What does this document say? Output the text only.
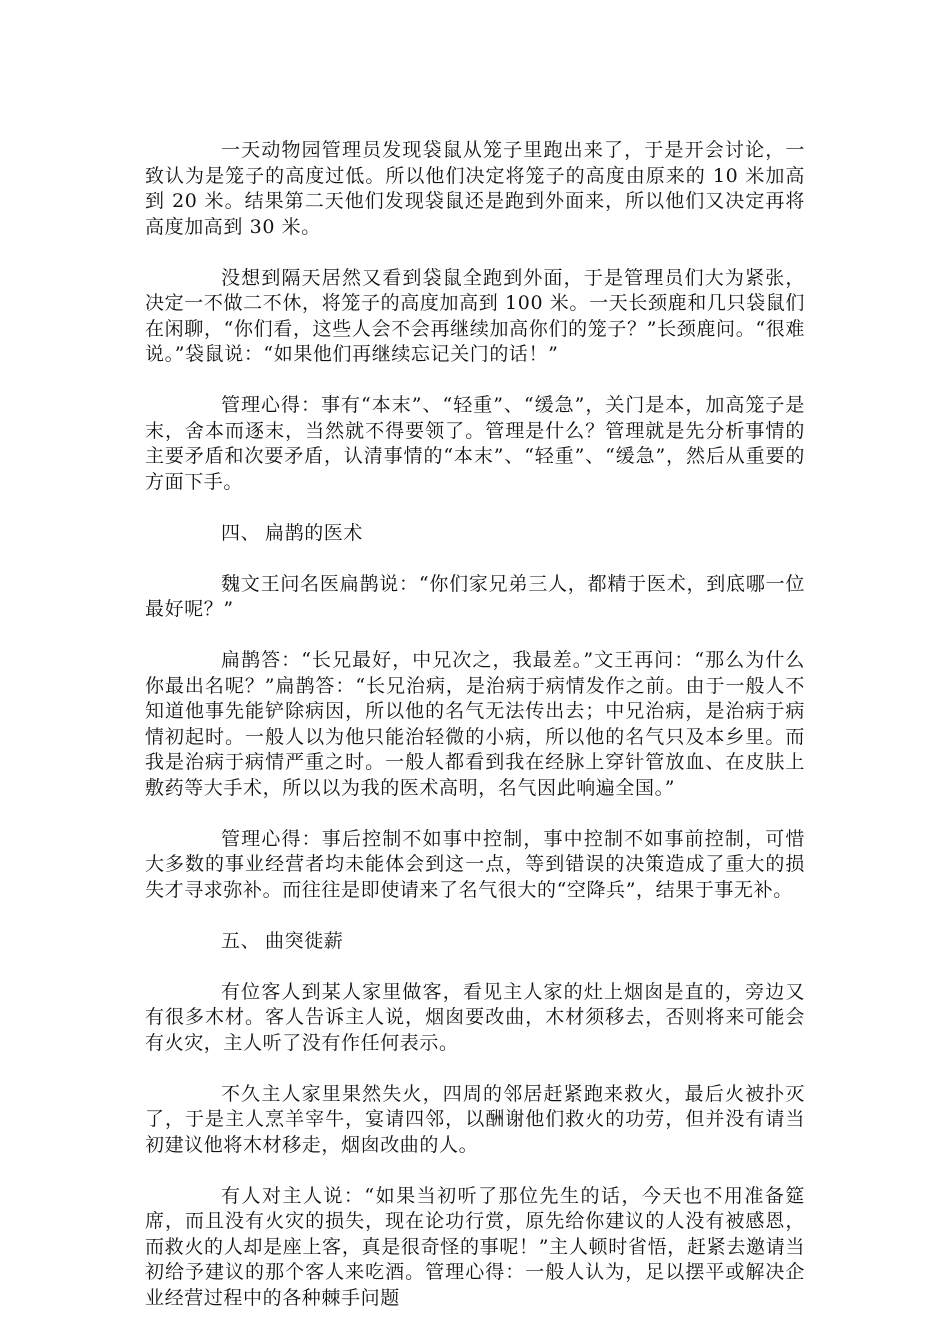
一天动物园管理员发现袋鼠从笼子里跑出来了，于是开会讨论，一致认为是笼子的高度过低。所以他们决定将笼子的高度由原来的 10 米加高到 20 米。结果第二天他们发现袋鼠还是跑到外面来，所以他们又决定再将高度加高到 30 米。

没想到隔天居然又看到袋鼠全跑到外面，于是管理员们大为紧张，决定一不做二不休，将笼子的高度加高到 100 米。一天长颈鹿和几只袋鼠们在闲聊，“你们看，这些人会不会再继续加高你们的笼子？”长颈鹿问。“很难说。”袋鼠说：“如果他们再继续忘记关门的话！”

管理心得：事有“本末”、“轻重”、“缓急”，关门是本，加高笼子是末，舍本而逐末，当然就不得要领了。管理是什么？管理就是先分析事情的主要矛盾和次要矛盾，认清事情的“本末”、“轻重”、“缓急”，然后从重要的方面下手。

四、 扁鹊的医术

魏文王问名医扁鹊说：“你们家兄弟三人，都精于医术，到底哪一位最好呢？”

扁鹊答：“长兄最好，中兄次之，我最差。”文王再问：“那么为什么你最出名呢？”扁鹊答：“长兄治病，是治病于病情发作之前。由于一般人不知道他事先能铲除病因，所以他的名气无法传出去；中兄治病，是治病于病情初起时。一般人以为他只能治轻微的小病，所以他的名气只及本乡里。而我是治病于病情严重之时。一般人都看到我在经脉上穿针管放血、在皮肤上敷药等大手术，所以以为我的医术高明，名气因此响遍全国。”

管理心得：事后控制不如事中控制，事中控制不如事前控制，可惜大多数的事业经营者均未能体会到这一点，等到错误的决策造成了重大的损失才寻求弥补。而往往是即使请来了名气很大的“空降兵”，结果于事无补。

五、 曲突徙薪

有位客人到某人家里做客，看见主人家的灶上烟囱是直的，旁边又有很多木材。客人告诉主人说，烟囱要改曲，木材须移去，否则将来可能会有火灾，主人听了没有作任何表示。

不久主人家里果然失火，四周的邻居赶紧跑来救火，最后火被扑灭了，于是主人烹羊宰牛，宴请四邻，以酬谢他们救火的功劳，但并没有请当初建议他将木材移走，烟囱改曲的人。

有人对主人说：“如果当初听了那位先生的话，今天也不用准备筵席，而且没有火灾的损失，现在论功行赏，原先给你建议的人没有被感恩，而救火的人却是座上客，真是很奇怪的事呢！”主人顿时省悟，赶紧去邀请当初给予建议的那个客人来吃酒。管理心得：一般人认为，足以摆平或解决企业经营过程中的各种棘手问题
